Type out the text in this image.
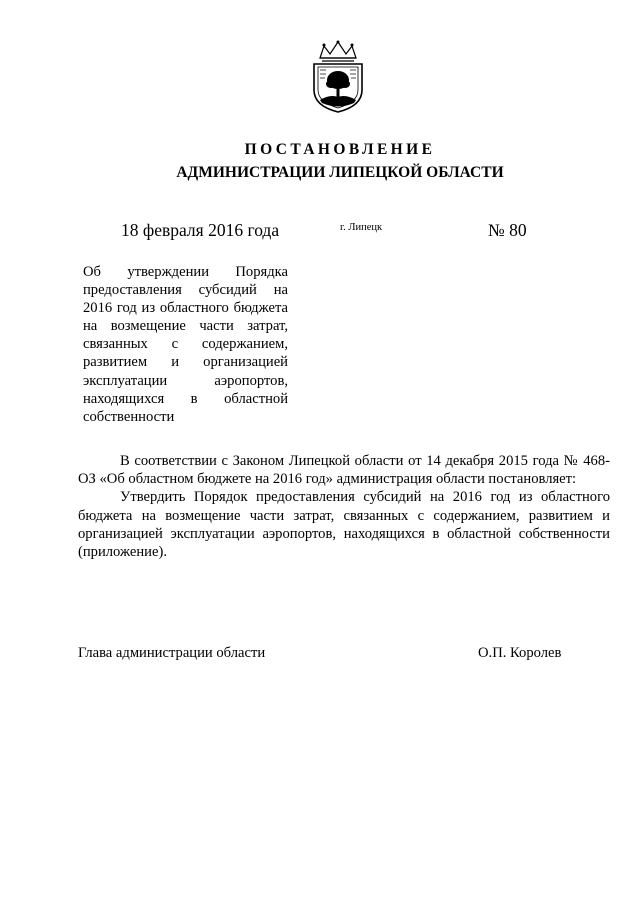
ПОСТАНОВЛЕНИЕ
АДМИНИСТРАЦИИ ЛИПЕЦКОЙ ОБЛАСТИ
18 февраля 2016 года	г. Липецк	№ 80
Об утверждении Порядка предоставления субсидий на 2016 год из областного бюджета на возмещение части затрат, связанных с содержанием, развитием и организацией эксплуатации аэропортов, находящихся в областной собственности

В соответствии с Законом Липецкой области от 14 декабря 2015 года № 468-ОЗ «Об областном бюджете на 2016 год» администрация области постановляет:

Утвердить Порядок предоставления субсидий на 2016 год из областного бюджета на возмещение части затрат, связанных с содержанием, развитием и организацией эксплуатации аэропортов, находящихся в областной собственности (приложение).

Глава администрации области	О.П. Королев
